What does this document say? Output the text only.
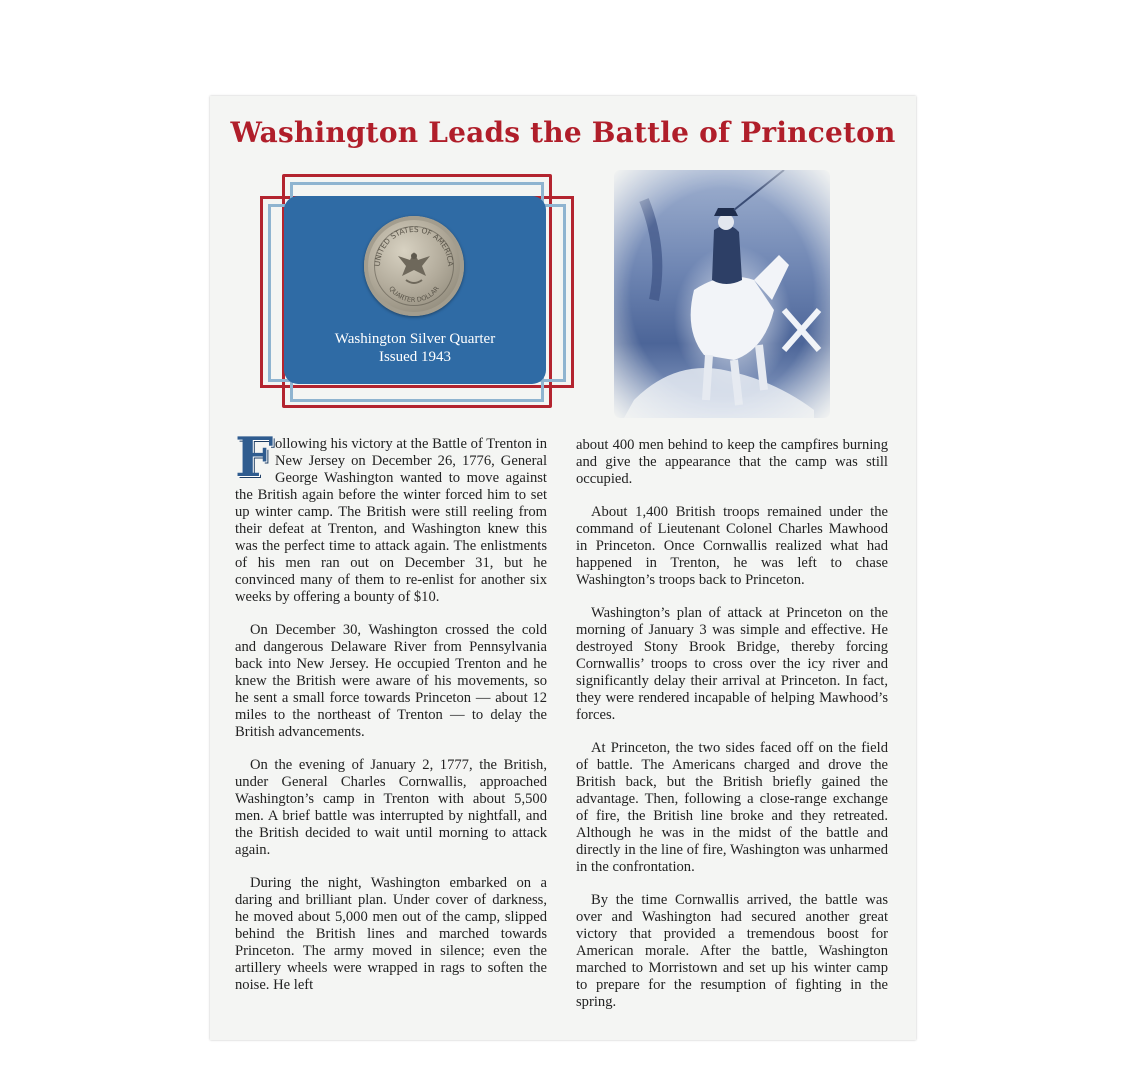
Washington Leads the Battle of Princeton
UNITED STATES OF AMERICA
QUARTER DOLLAR
Washington Silver Quarter
Issued 1943

Following his victory at the Battle of Trenton in New Jersey on December 26, 1776, General George Washington wanted to move against the British again before the winter forced him to set up winter camp. The British were still reeling from their defeat at Trenton, and Washington knew this was the perfect time to attack again. The enlistments of his men ran out on December 31, but he convinced many of them to re-enlist for another six weeks by offering a bounty of $10.

On December 30, Washington crossed the cold and dangerous Delaware River from Pennsylvania back into New Jersey. He occupied Trenton and he knew the British were aware of his movements, so he sent a small force towards Princeton — about 12 miles to the northeast of Trenton — to delay the British advancements.

On the evening of January 2, 1777, the British, under General Charles Cornwallis, approached Washington’s camp in Trenton with about 5,500 men. A brief battle was interrupted by nightfall, and the British decided to wait until morning to attack again.

During the night, Washington embarked on a daring and brilliant plan. Under cover of darkness, he moved about 5,000 men out of the camp, slipped behind the British lines and marched towards Princeton. The army moved in silence; even the artillery wheels were wrapped in rags to soften the noise. He left

about 400 men behind to keep the campfires burning and give the appearance that the camp was still occupied.

About 1,400 British troops remained under the command of Lieutenant Colonel Charles Mawhood in Princeton. Once Cornwallis realized what had happened in Trenton, he was left to chase Washington’s troops back to Princeton.

Washington’s plan of attack at Princeton on the morning of January 3 was simple and effective. He destroyed Stony Brook Bridge, thereby forcing Cornwallis’ troops to cross over the icy river and significantly delay their arrival at Princeton. In fact, they were rendered incapable of helping Mawhood’s forces.

At Princeton, the two sides faced off on the field of battle. The Americans charged and drove the British back, but the British briefly gained the advantage. Then, following a close-range exchange of fire, the British line broke and they retreated. Although he was in the midst of the battle and directly in the line of fire, Washington was unharmed in the confrontation.

By the time Cornwallis arrived, the battle was over and Washington had secured another great victory that provided a tremendous boost for American morale. After the battle, Washington marched to Morristown and set up his winter camp to prepare for the resumption of fighting in the spring.
